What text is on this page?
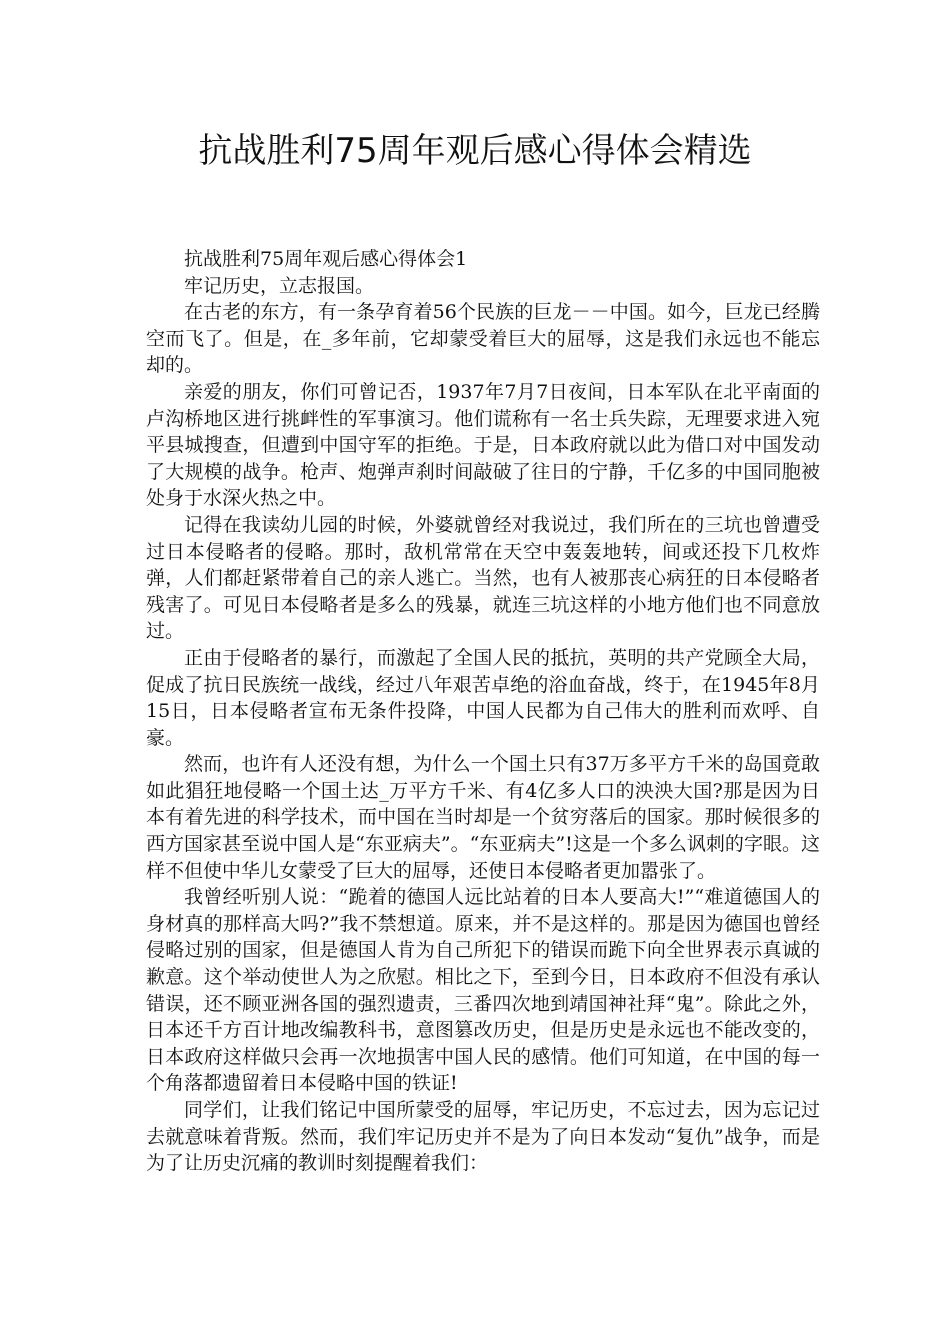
抗战胜利75周年观后感心得体会精选

抗战胜利75周年观后感心得体会1

牢记历史，立志报国。

在古老的东方，有一条孕育着56个民族的巨龙－－中国。如今，巨龙已经腾空而飞了。但是，在_多年前，它却蒙受着巨大的屈辱，这是我们永远也不能忘却的。

亲爱的朋友，你们可曾记否，1937年7月7日夜间，日本军队在北平南面的卢沟桥地区进行挑衅性的军事演习。他们谎称有一名士兵失踪，无理要求进入宛平县城搜查，但遭到中国守军的拒绝。于是，日本政府就以此为借口对中国发动了大规模的战争。枪声、炮弹声刹时间敲破了往日的宁静，千亿多的中国同胞被处身于水深火热之中。

记得在我读幼儿园的时候，外婆就曾经对我说过，我们所在的三坑也曾遭受过日本侵略者的侵略。那时，敌机常常在天空中轰轰地转，间或还投下几枚炸弹，人们都赶紧带着自己的亲人逃亡。当然，也有人被那丧心病狂的日本侵略者残害了。可见日本侵略者是多么的残暴，就连三坑这样的小地方他们也不同意放过。

正由于侵略者的暴行，而激起了全国人民的抵抗，英明的共产党顾全大局，促成了抗日民族统一战线，经过八年艰苦卓绝的浴血奋战，终于，在1945年8月15日，日本侵略者宣布无条件投降，中国人民都为自己伟大的胜利而欢呼、自豪。

然而，也许有人还没有想，为什么一个国土只有37万多平方千米的岛国竟敢如此猖狂地侵略一个国土达_万平方千米、有4亿多人口的泱泱大国?那是因为日本有着先进的科学技术，而中国在当时却是一个贫穷落后的国家。那时候很多的西方国家甚至说中国人是“东亚病夫”。“东亚病夫”!这是一个多么讽刺的字眼。这样不但使中华儿女蒙受了巨大的屈辱，还使日本侵略者更加嚣张了。

我曾经听别人说：“跪着的德国人远比站着的日本人要高大!”“难道德国人的身材真的那样高大吗?”我不禁想道。原来，并不是这样的。那是因为德国也曾经侵略过别的国家，但是德国人肯为自己所犯下的错误而跪下向全世界表示真诚的歉意。这个举动使世人为之欣慰。相比之下，至到今日，日本政府不但没有承认错误，还不顾亚洲各国的强烈遗责，三番四次地到靖国神社拜“鬼”。除此之外，日本还千方百计地改编教科书，意图篡改历史，但是历史是永远也不能改变的，日本政府这样做只会再一次地损害中国人民的感情。他们可知道，在中国的每一个角落都遗留着日本侵略中国的铁证!

同学们，让我们铭记中国所蒙受的屈辱，牢记历史，不忘过去，因为忘记过去就意味着背叛。然而，我们牢记历史并不是为了向日本发动“复仇”战争，而是为了让历史沉痛的教训时刻提醒着我们：
